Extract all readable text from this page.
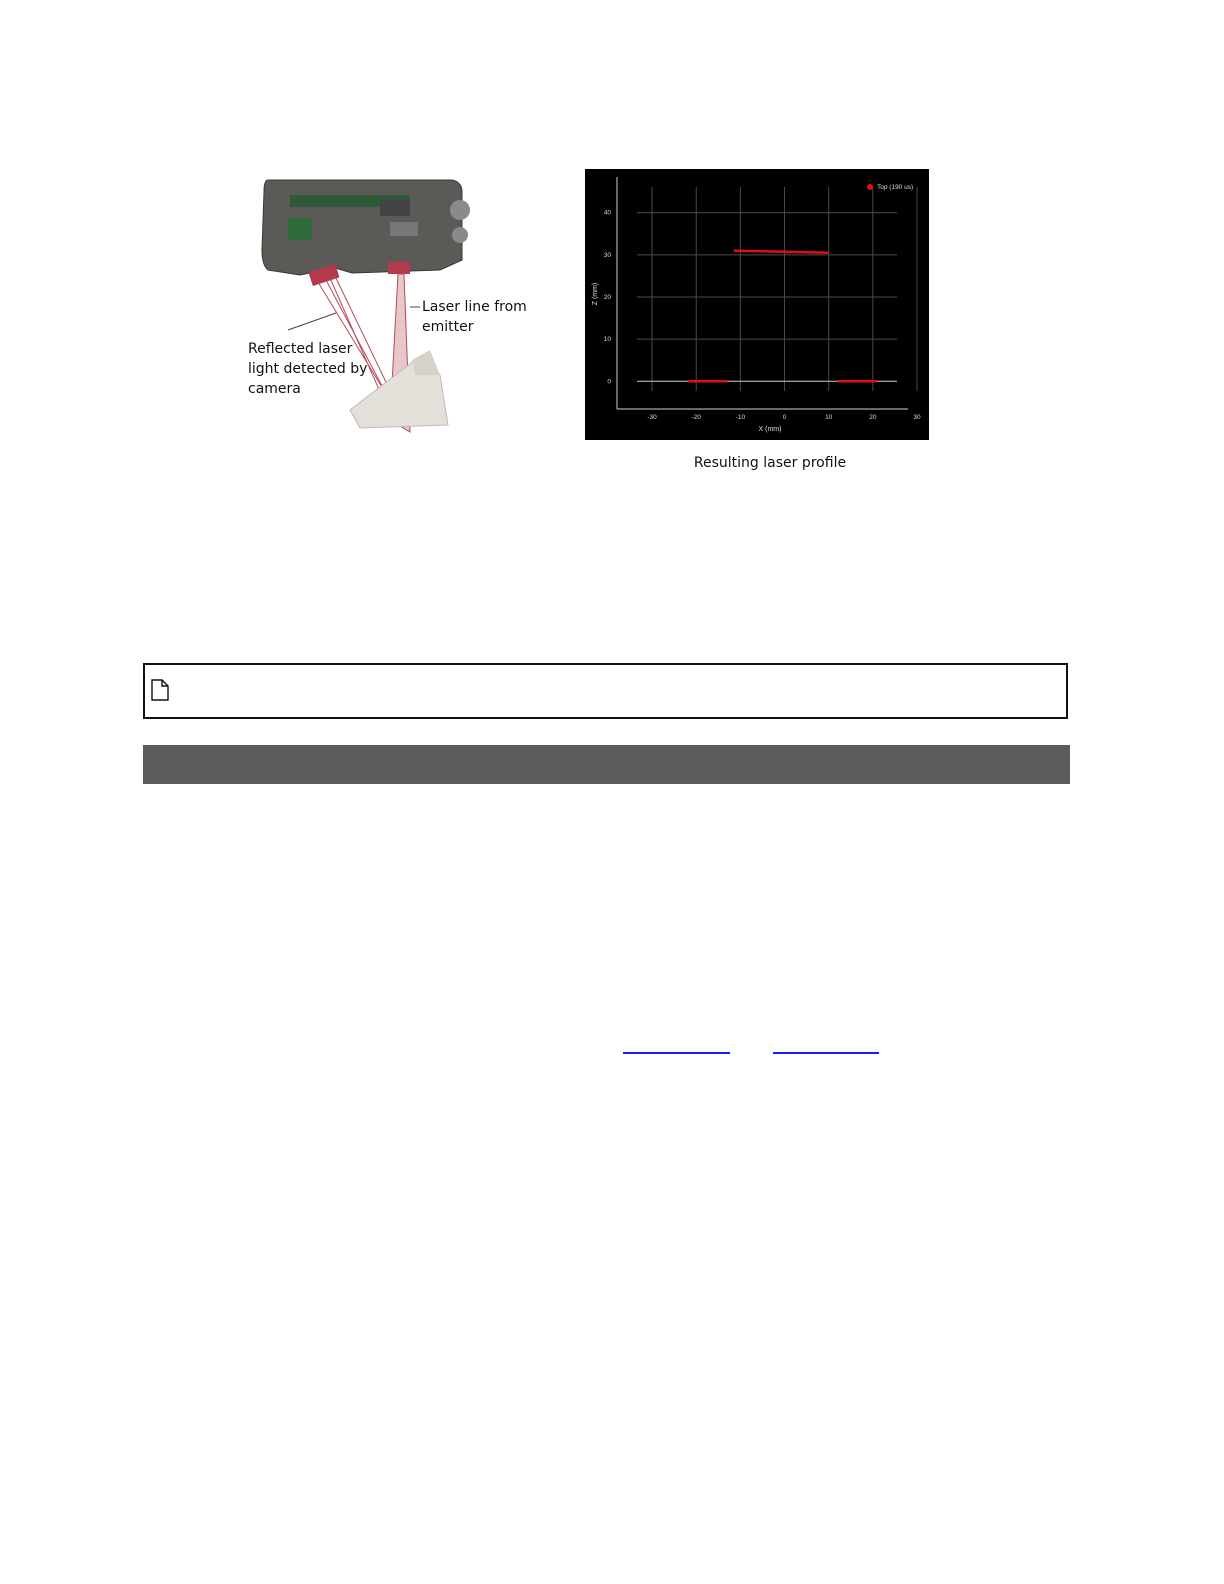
Laser line from emitter
Reflected laser light detected by camera
X (mm)
Z (mm)
Top (190 us)
-30	-20	-10	0	10	20	30
0
10
20
30
40
Resulting laser profile
